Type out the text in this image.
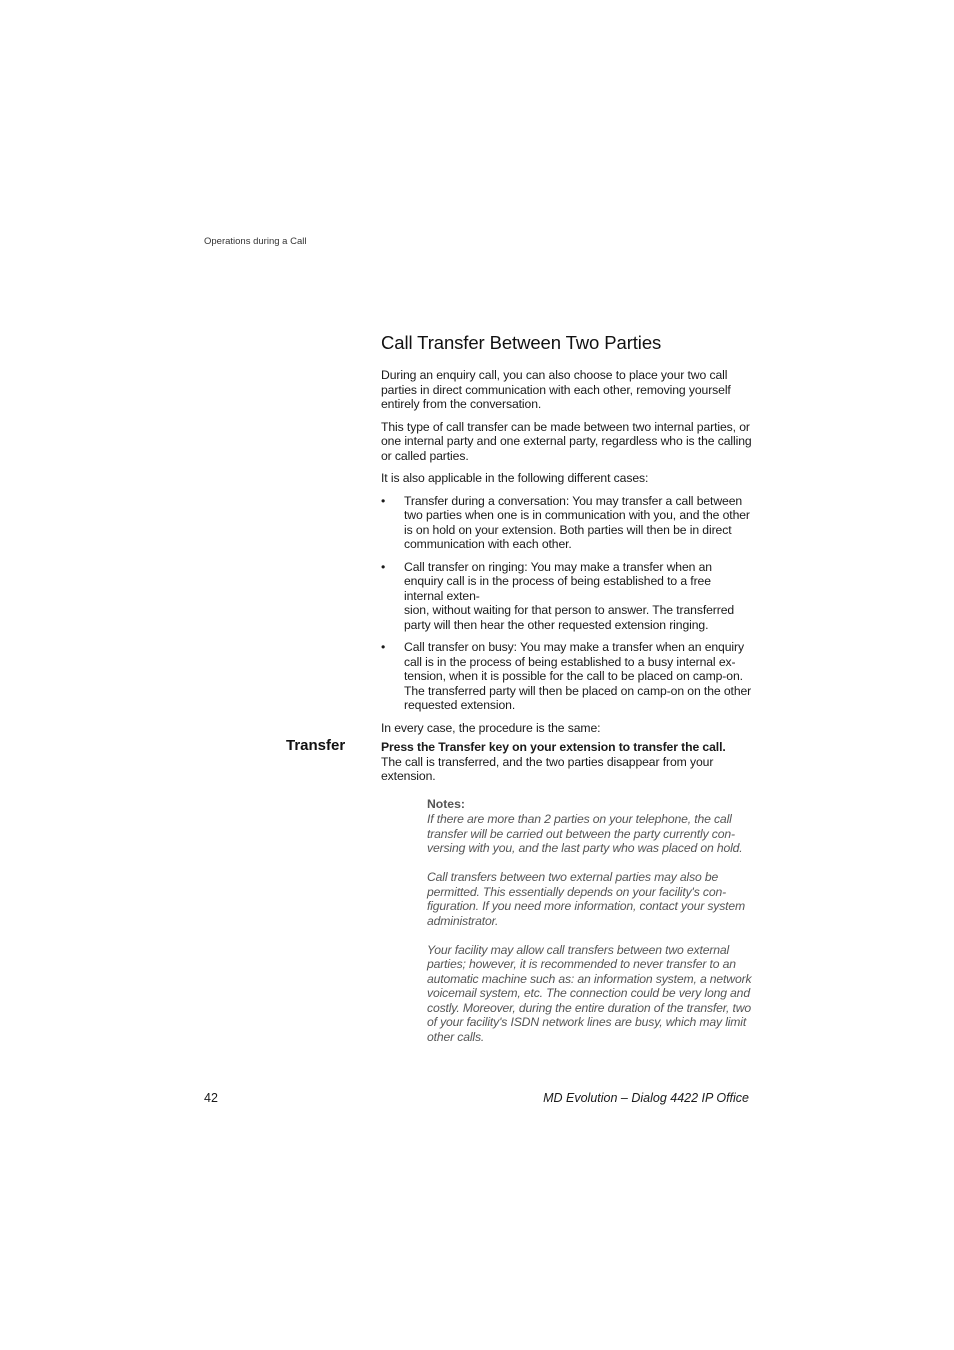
Operations during a Call
Call Transfer Between Two Parties

During an enquiry call, you can also choose to place your two call parties in direct communication with each other, removing yourself entirely from the conversation.

This type of call transfer can be made between two internal parties, or one internal party and one external party, regardless who is the calling or called parties.

It is also applicable in the following different cases:

• Transfer during a conversation: You may transfer a call between two parties when one is in communication with you, and the other is on hold on your extension. Both parties will then be in direct communication with each other.
• Call transfer on ringing: You may make a transfer when an enquiry call is in the process of being established to a free internal exten-
sion, without waiting for that person to answer. The transferred party will then hear the other requested extension ringing.
• Call transfer on busy: You may make a transfer when an enquiry call is in the process of being established to a busy internal ex-tension, when it is possible for the call to be placed on camp-on. The transferred party will then be placed on camp-on on the other requested extension.

In every case, the procedure is the same:

Transfer	Press the Transfer key on your extension to transfer the call.

The call is transferred, and the two parties disappear from your extension.

Notes:

If there are more than 2 parties on your telephone, the call transfer will be carried out between the party currently con-versing with you, and the last party who was placed on hold.

Call transfers between two external parties may also be permitted. This essentially depends on your facility's con-figuration. If you need more information, contact your system administrator.

Your facility may allow call transfers between two external parties; however, it is recommended to never transfer to an automatic machine such as: an information system, a network voicemail system, etc. The connection could be very long and costly. Moreover, during the entire duration of the transfer, two of your facility's ISDN network lines are busy, which may limit other calls.

42	MD Evolution – Dialog 4422 IP Office
